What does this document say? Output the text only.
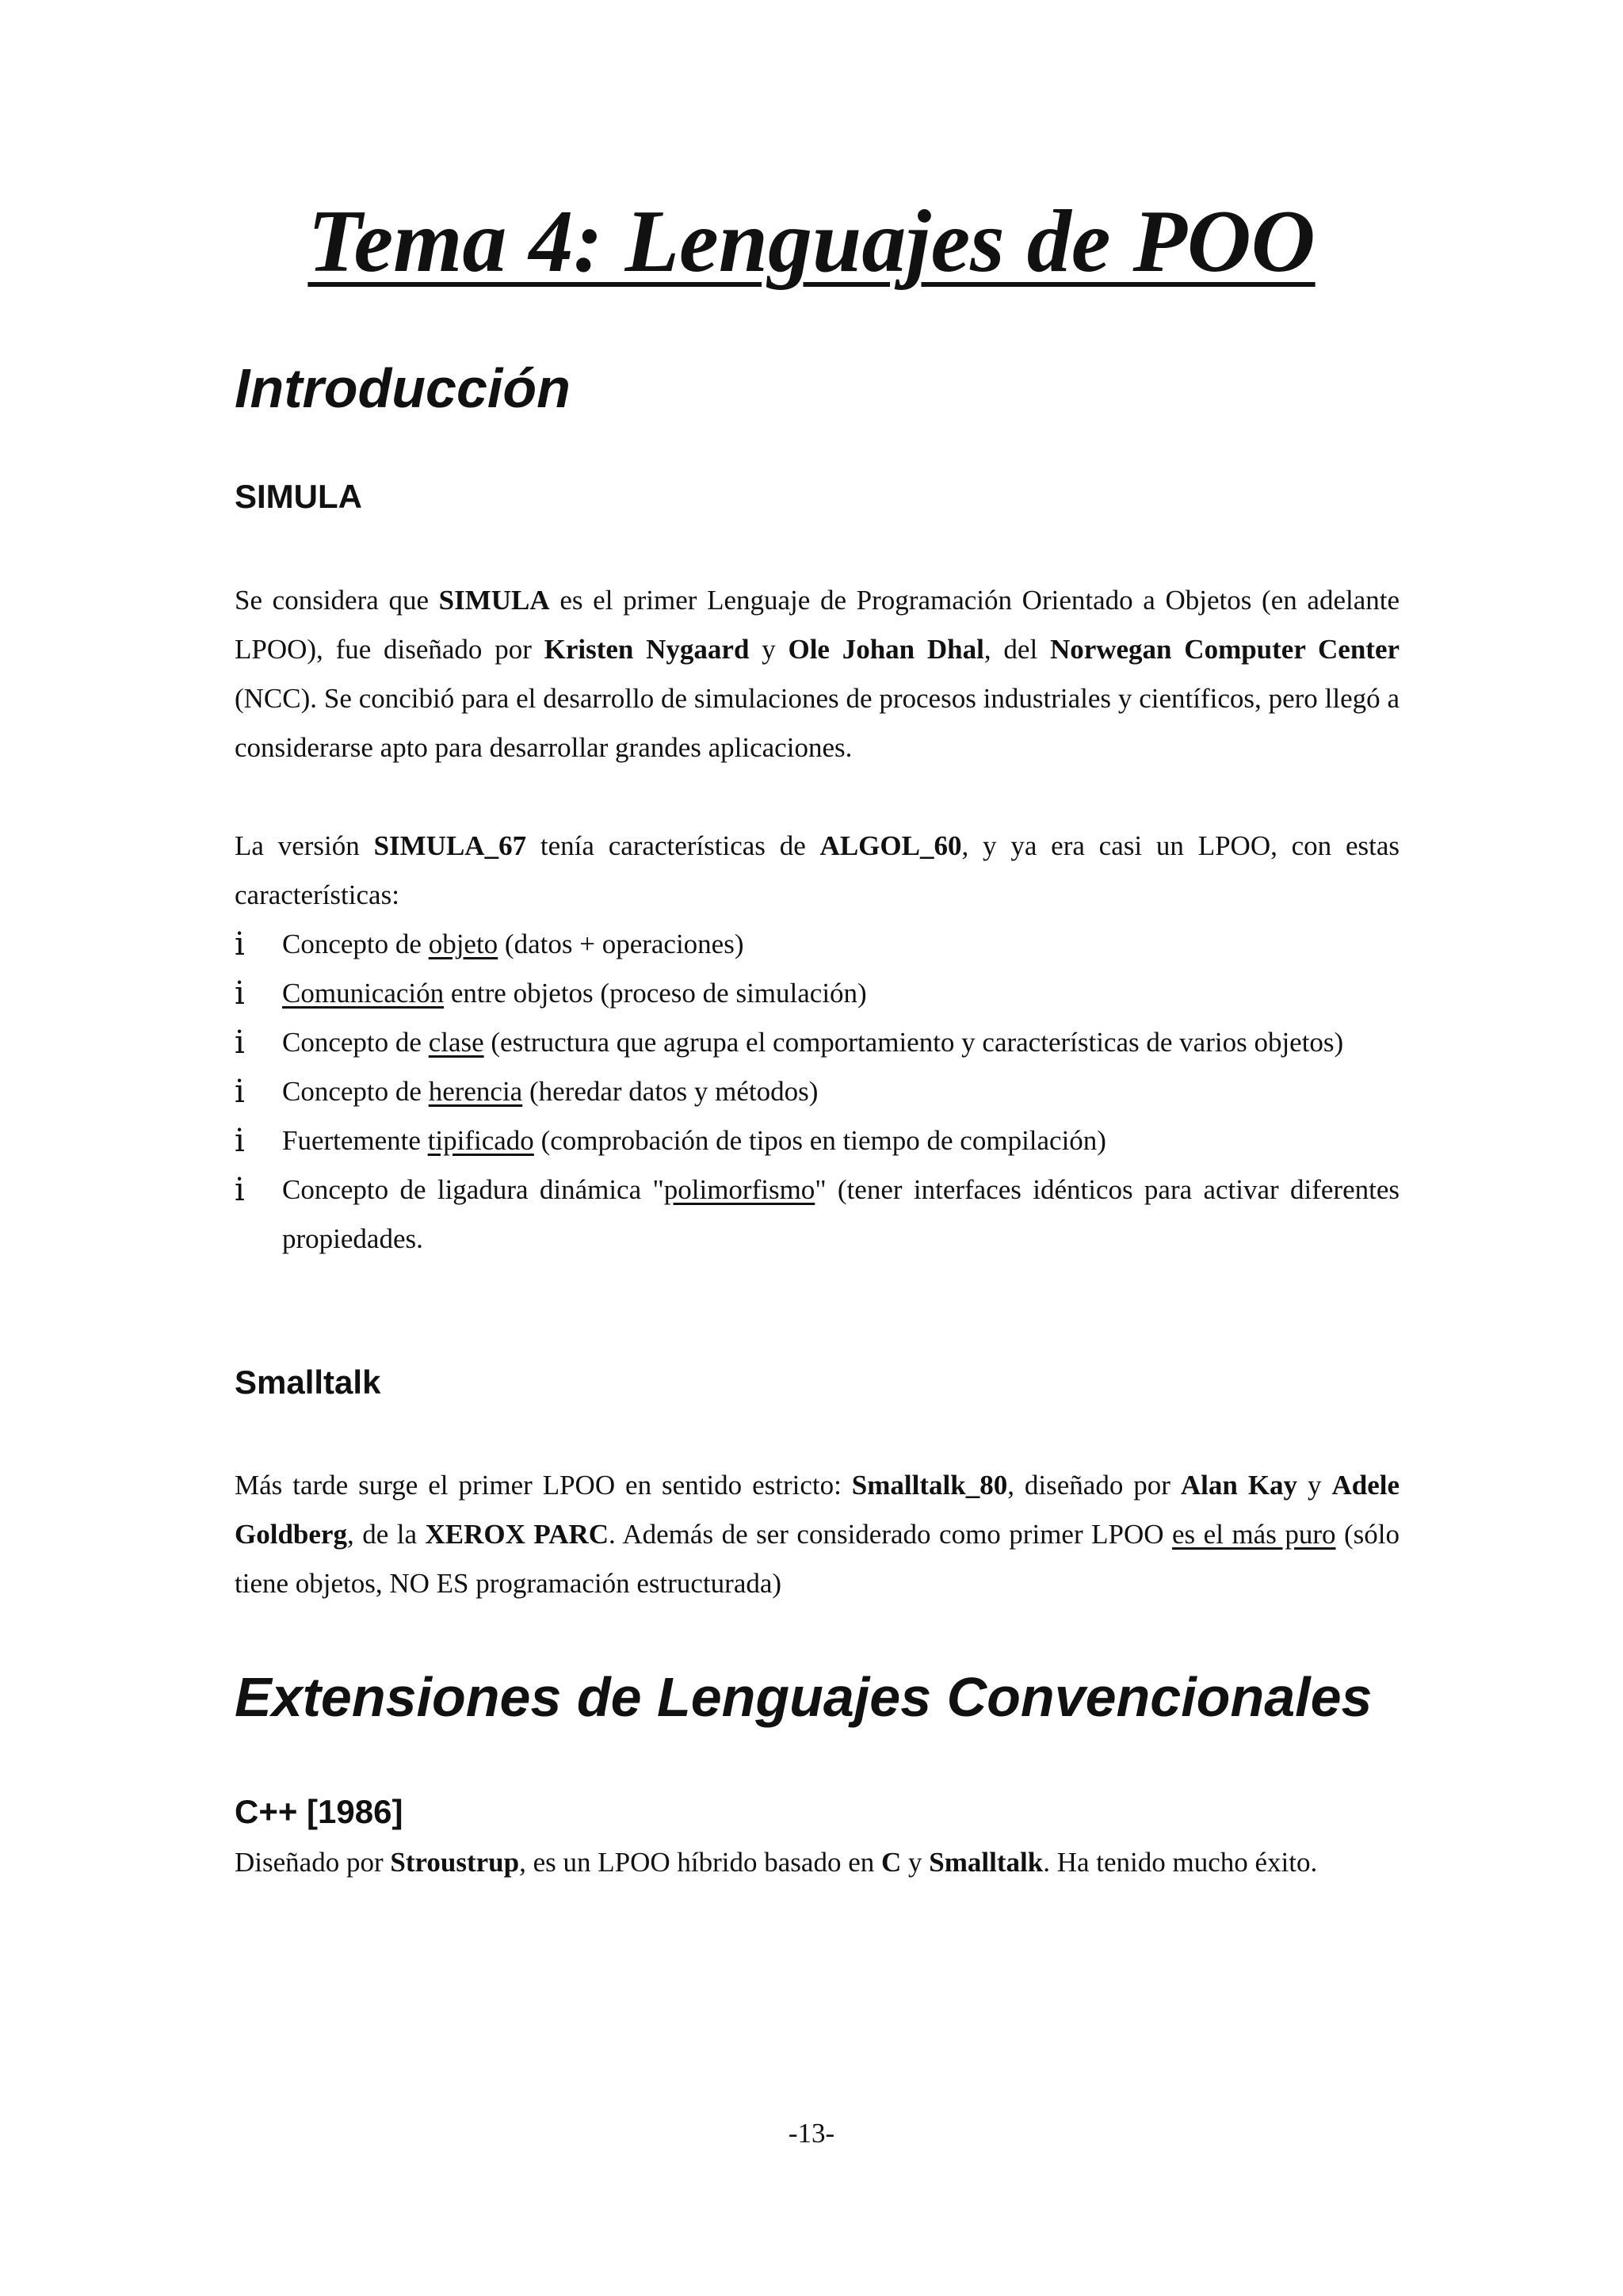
Tema 4: Lenguajes de POO
Introducción
SIMULA

Se considera que SIMULA es el primer Lenguaje de Programación Orientado a Objetos (en adelante LPOO), fue diseñado por Kristen Nygaard y Ole Johan Dhal, del Norwegan Computer Center (NCC). Se concibió para el desarrollo de simulaciones de procesos industriales y científicos, pero llegó a considerarse apto para desarrollar grandes aplicaciones.

La versión SIMULA_67 tenía características de ALGOL_60, y ya era casi un LPOO, con estas características:

i Concepto de objeto (datos + operaciones)
i Comunicación entre objetos (proceso de simulación)
i Concepto de clase (estructura que agrupa el comportamiento y características de varios objetos)
i Concepto de herencia (heredar datos y métodos)
i Fuertemente tipificado (comprobación de tipos en tiempo de compilación)
i Concepto de ligadura dinámica "polimorfismo" (tener interfaces idénticos para activar diferentes propiedades.
Smalltalk

Más tarde surge el primer LPOO en sentido estricto: Smalltalk_80, diseñado por Alan Kay y Adele Goldberg, de la XEROX PARC. Además de ser considerado como primer LPOO es el más puro (sólo tiene objetos, NO ES programación estructurada)

Extensiones de Lenguajes Convencionales
C++ [1986]

Diseñado por Stroustrup, es un LPOO híbrido basado en C y Smalltalk. Ha tenido mucho éxito.

-13-
